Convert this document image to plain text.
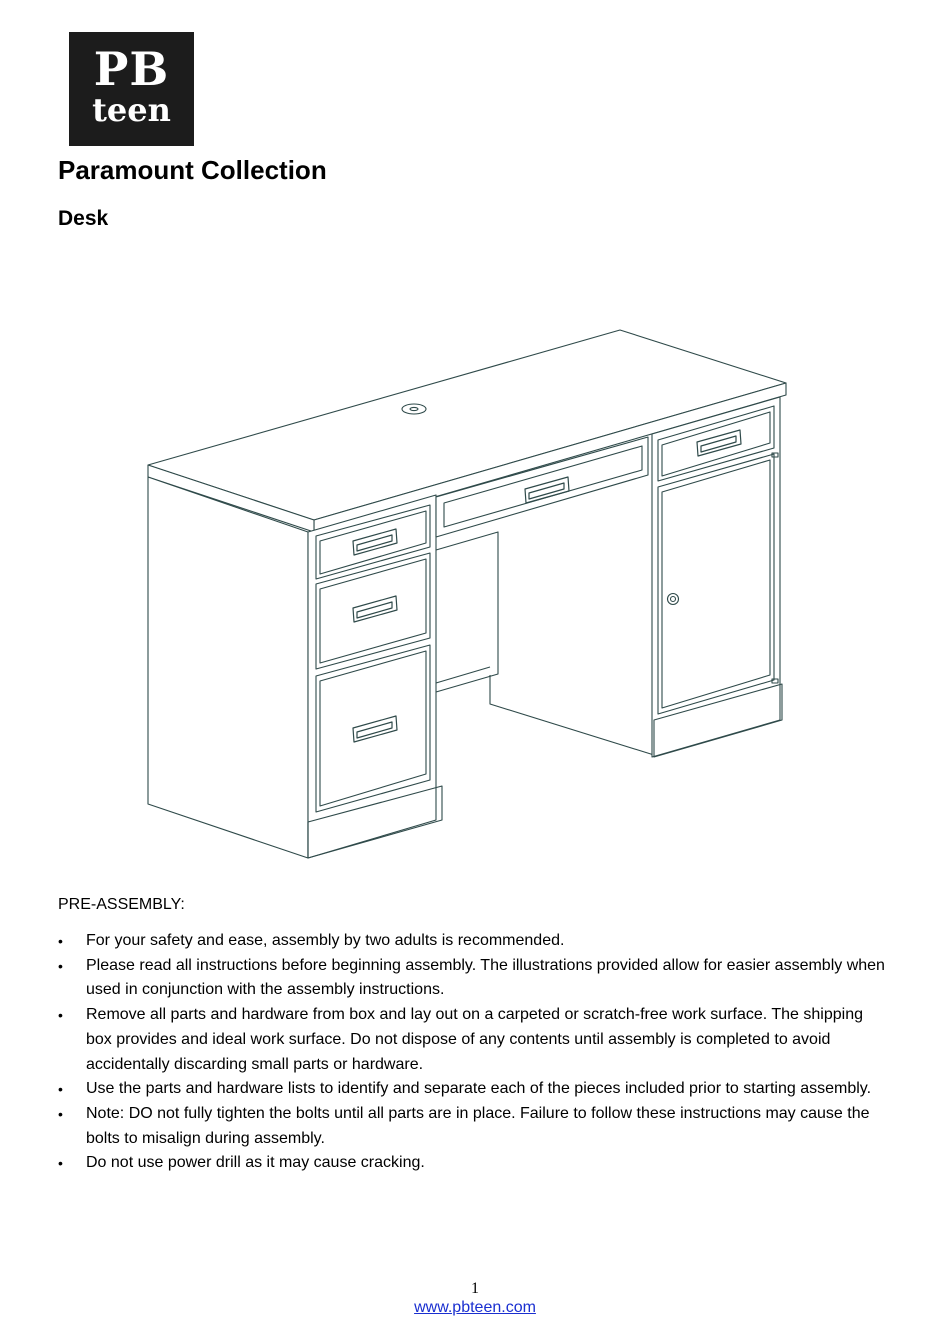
PB
teen
Paramount Collection
Desk

PRE-ASSEMBLY:

• For your safety and ease, assembly by two adults is recommended.
• Please read all instructions before beginning assembly. The illustrations provided allow for easier assembly when used in conjunction with the assembly instructions.
• Remove all parts and hardware from box and lay out on a carpeted or scratch-free work surface. The shipping box provides and ideal work surface. Do not dispose of any contents until assembly is completed to avoid accidentally discarding small parts or hardware.
• Use the parts and hardware lists to identify and separate each of the pieces included prior to starting assembly.
• Note: DO not fully tighten the bolts until all parts are in place. Failure to follow these instructions may cause the bolts to misalign during assembly.
• Do not use power drill as it may cause cracking.
1
www.pbteen.com
